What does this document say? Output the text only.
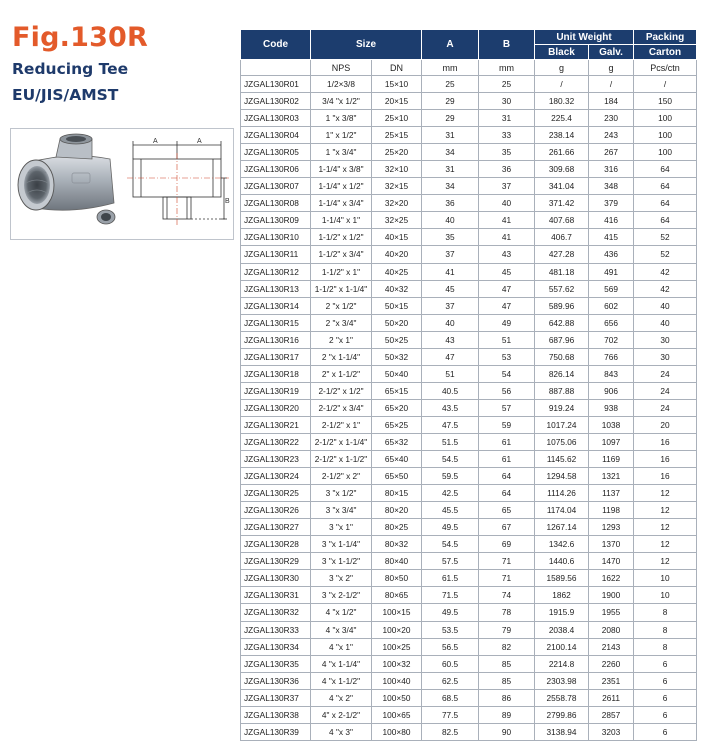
Fig.130R
Reducing Tee
EU/JIS/AMST
A	A
B
Code	Size		A	B	Unit Weight		Packing
					Black	Galv.	Carton
	NPS	DN	mm	mm	g	g	Pcs/ctn
JZGAL130R01	1/2×3/8	15×10	25	25	/	/	/
JZGAL130R02	3/4 "x 1/2"	20×15	29	30	180.32	184	150
JZGAL130R03	1 "x 3/8"	25×10	29	31	225.4	230	100
JZGAL130R04	1" x 1/2"	25×15	31	33	238.14	243	100
JZGAL130R05	1 "x 3/4"	25×20	34	35	261.66	267	100
JZGAL130R06	1-1/4" x 3/8"	32×10	31	36	309.68	316	64
JZGAL130R07	1-1/4" x 1/2"	32×15	34	37	341.04	348	64
JZGAL130R08	1-1/4" x 3/4"	32×20	36	40	371.42	379	64
JZGAL130R09	1-1/4" x 1"	32×25	40	41	407.68	416	64
JZGAL130R10	1-1/2" x 1/2"	40×15	35	41	406.7	415	52
JZGAL130R11	1-1/2" x 3/4"	40×20	37	43	427.28	436	52
JZGAL130R12	1-1/2" x 1"	40×25	41	45	481.18	491	42
JZGAL130R13	1-1/2" x 1-1/4"	40×32	45	47	557.62	569	42
JZGAL130R14	2 "x 1/2"	50×15	37	47	589.96	602	40
JZGAL130R15	2 "x 3/4"	50×20	40	49	642.88	656	40
JZGAL130R16	2 "x 1"	50×25	43	51	687.96	702	30
JZGAL130R17	2 "x 1-1/4"	50×32	47	53	750.68	766	30
JZGAL130R18	2" x 1-1/2"	50×40	51	54	826.14	843	24
JZGAL130R19	2-1/2" x 1/2"	65×15	40.5	56	887.88	906	24
JZGAL130R20	2-1/2" x 3/4"	65×20	43.5	57	919.24	938	24
JZGAL130R21	2-1/2" x 1"	65×25	47.5	59	1017.24	1038	20
JZGAL130R22	2-1/2" x 1-1/4"	65×32	51.5	61	1075.06	1097	16
JZGAL130R23	2-1/2" x 1-1/2"	65×40	54.5	61	1145.62	1169	16
JZGAL130R24	2-1/2" x 2"	65×50	59.5	64	1294.58	1321	16
JZGAL130R25	3 "x 1/2"	80×15	42.5	64	1114.26	1137	12
JZGAL130R26	3 "x 3/4"	80×20	45.5	65	1174.04	1198	12
JZGAL130R27	3 "x 1"	80×25	49.5	67	1267.14	1293	12
JZGAL130R28	3 "x 1-1/4"	80×32	54.5	69	1342.6	1370	12
JZGAL130R29	3 "x 1-1/2"	80×40	57.5	71	1440.6	1470	12
JZGAL130R30	3 "x 2"	80×50	61.5	71	1589.56	1622	10
JZGAL130R31	3 "x 2-1/2"	80×65	71.5	74	1862	1900	10
JZGAL130R32	4 "x 1/2"	100×15	49.5	78	1915.9	1955	8
JZGAL130R33	4 "x 3/4"	100×20	53.5	79	2038.4	2080	8
JZGAL130R34	4 "x 1"	100×25	56.5	82	2100.14	2143	8
JZGAL130R35	4 "x 1-1/4"	100×32	60.5	85	2214.8	2260	6
JZGAL130R36	4 "x 1-1/2"	100×40	62.5	85	2303.98	2351	6
JZGAL130R37	4 "x 2"	100×50	68.5	86	2558.78	2611	6
JZGAL130R38	4" x 2-1/2"	100×65	77.5	89	2799.86	2857	6
JZGAL130R39	4 "x 3"	100×80	82.5	90	3138.94	3203	6
